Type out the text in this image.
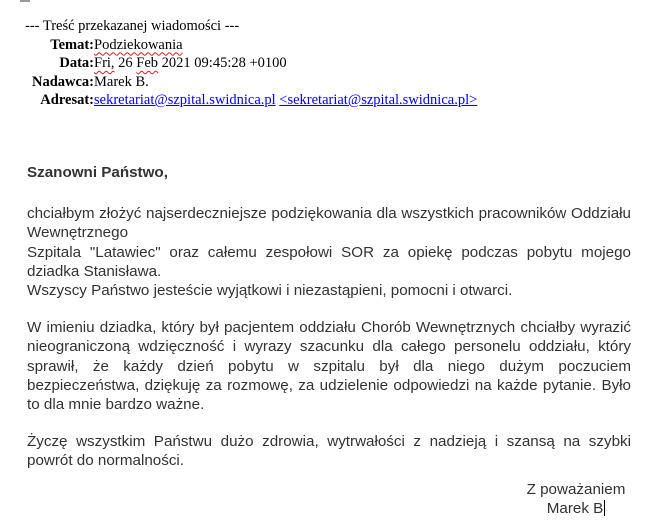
--- Treść przekazanej wiadomości ---
Temat:Podziekowania
Data:Fri, 26 Feb 2021 09:45:28 +0100
Nadawca:Marek B.
Adresat:sekretariat@szpital.swidnica.pl <sekretariat@szpital.swidnica.pl>

Szanowni Państwo,

chciałbym złożyć najserdeczniejsze podziękowania dla wszystkich pracowników Oddziału Wewnętrznego

Szpitala "Latawiec" oraz całemu zespołowi SOR za opiekę podczas pobytu mojego dziadka Stanisława.

Wszyscy Państwo jesteście wyjątkowi i niezastąpieni, pomocni i otwarci.

W imieniu dziadka, który był pacjentem oddziału Chorób Wewnętrznych chciałby wyrazić nieograniczoną wdzięczność i wyrazy szacunku dla całego personelu oddziału, który sprawił, że każdy dzień pobytu w szpitalu był dla niego dużym poczuciem bezpieczeństwa, dziękuję za rozmowę, za udzielenie odpowiedzi na każde pytanie. Było to dla mnie bardzo ważne.

Życzę wszystkim Państwu dużo zdrowia, wytrwałości z nadzieją i szansą na szybki powrót do normalności.

Z poważaniem
Marek B
